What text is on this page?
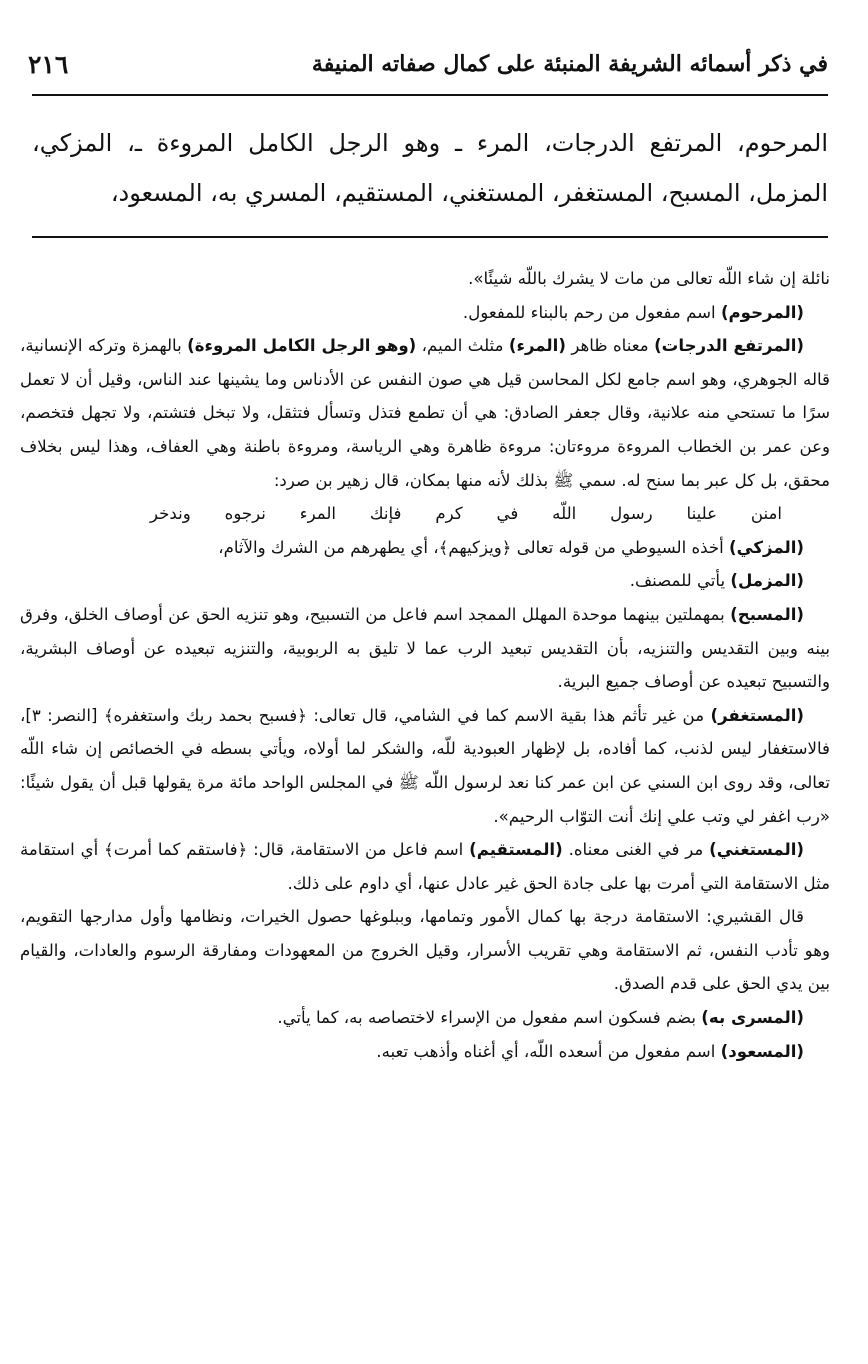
٢١٦	في ذكر أسمائه الشريفة المنبئة على كمال صفاته المنيفة
المرحوم، المرتفع الدرجات، المرء ـ وهو الرجل الكامل المروءة ـ، المزكي، المزمل، المسبح، المستغفر، المستغني، المستقيم، المسري به، المسعود،

نائلة إن شاء اللّه تعالى من مات لا يشرك باللّه شيئًا».

(المرحوم) اسم مفعول من رحم بالبناء للمفعول.

(المرتفع الدرجات) معناه ظاهر (المرء) مثلث الميم، (وهو الرجل الكامل المروءة) بالهمزة وتركه الإنسانية، قاله الجوهري، وهو اسم جامع لكل المحاسن قيل هي صون النفس عن الأدناس وما يشينها عند الناس، وقيل أن لا تعمل سرًا ما تستحي منه علانية، وقال جعفر الصادق: هي أن تطمع فتذل وتسأل فتثقل، ولا تبخل فتشتم، ولا تجهل فتخصم، وعن عمر بن الخطاب المروءة مروءتان: مروءة ظاهرة وهي الرياسة، ومروءة باطنة وهي العفاف، وهذا ليس بخلاف محقق، بل كل عبر بما سنح له. سمي ﷺ بذلك لأنه منها بمكان، قال زهير بن صرد:

امنن علينا رسول اللّه في كرم فإنك المرء نرجوه وندخر

(المزكي) أخذه السيوطي من قوله تعالى ﴿ويزكيهم﴾، أي يطهرهم من الشرك والآثام،

(المزمل) يأتي للمصنف.

(المسبح) بمهملتين بينهما موحدة المهلل الممجد اسم فاعل من التسبيح، وهو تنزيه الحق عن أوصاف الخلق، وفرق بينه وبين التقديس والتنزيه، بأن التقديس تبعيد الرب عما لا تليق به الربوبية، والتنزيه تبعيده عن أوصاف البشرية، والتسبيح تبعيده عن أوصاف جميع البرية.

(المستغفر) من غير تأثم هذا بقية الاسم كما في الشامي، قال تعالى: ﴿فسبح بحمد ربك واستغفره﴾ [النصر: ٣]، فالاستغفار ليس لذنب، كما أفاده، بل لإظهار العبودية للّه، والشكر لما أولاه، ويأتي بسطه في الخصائص إن شاء اللّه تعالى، وقد روى ابن السني عن ابن عمر كنا نعد لرسول اللّه ﷺ في المجلس الواحد مائة مرة يقولها قبل أن يقول شيئًا: «رب اغفر لي وتب علي إنك أنت التوّاب الرحيم».

(المستغني) مر في الغنى معناه. (المستقيم) اسم فاعل من الاستقامة، قال: ﴿فاستقم كما أمرت﴾ أي استقامة مثل الاستقامة التي أمرت بها على جادة الحق غير عادل عنها، أي داوم على ذلك.

قال القشيري: الاستقامة درجة بها كمال الأمور وتمامها، وببلوغها حصول الخيرات، ونظامها وأول مدارجها التقويم، وهو تأدب النفس، ثم الاستقامة وهي تقريب الأسرار، وقيل الخروج من المعهودات ومفارقة الرسوم والعادات، والقيام بين يدي الحق على قدم الصدق.

(المسرى به) بضم فسكون اسم مفعول من الإسراء لاختصاصه به، كما يأتي.

(المسعود) اسم مفعول من أسعده اللّه، أي أغناه وأذهب تعبه.
